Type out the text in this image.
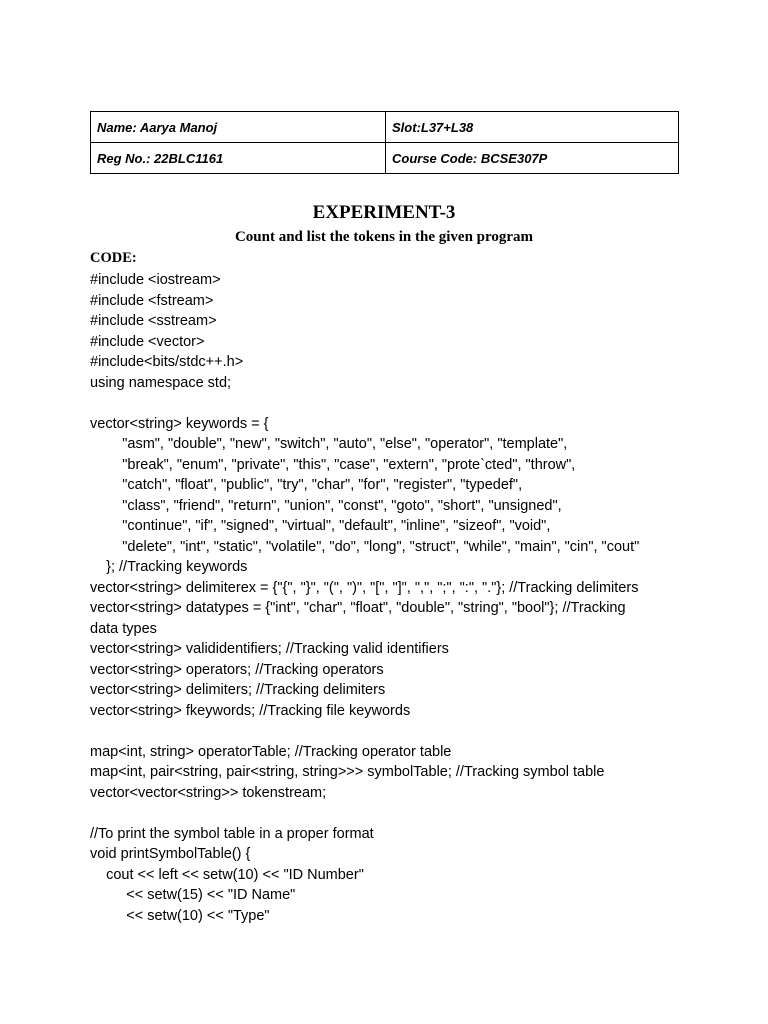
Name: Aarya Manoj	Slot:L37+L38
Reg No.: 22BLC1161	Course Code: BCSE307P
EXPERIMENT-3
Count and list the tokens in the given program

CODE:

#include <iostream>
#include <fstream>
#include <sstream>
#include <vector>
#include<bits/stdc++.h>
using namespace std;
vector<string> keywords = {
"asm", "double", "new", "switch", "auto", "else", "operator", "template",
"break", "enum", "private", "this", "case", "extern", "prote`cted", "throw",
"catch", "float", "public", "try", "char", "for", "register", "typedef",
"class", "friend", "return", "union", "const", "goto", "short", "unsigned",
"continue", "if", "signed", "virtual", "default", "inline", "sizeof", "void",
"delete", "int", "static", "volatile", "do", "long", "struct", "while", "main", "cin", "cout"
}; //Tracking keywords
vector<string> delimiterex = {"{", "}", "(", ")", "[", "]", ",", ";", ":", "."}; //Tracking delimiters
vector<string> datatypes = {"int", "char", "float", "double", "string", "bool"}; //Tracking
data types
vector<string> valididentifiers; //Tracking valid identifiers
vector<string> operators; //Tracking operators
vector<string> delimiters; //Tracking delimiters
vector<string> fkeywords; //Tracking file keywords
map<int, string> operatorTable; //Tracking operator table
map<int, pair<string, pair<string, string>>> symbolTable; //Tracking symbol table
vector<vector<string>> tokenstream;
//To print the symbol table in a proper format
void printSymbolTable() {
cout << left << setw(10) << "ID Number"
<< setw(15) << "ID Name"
<< setw(10) << "Type"
